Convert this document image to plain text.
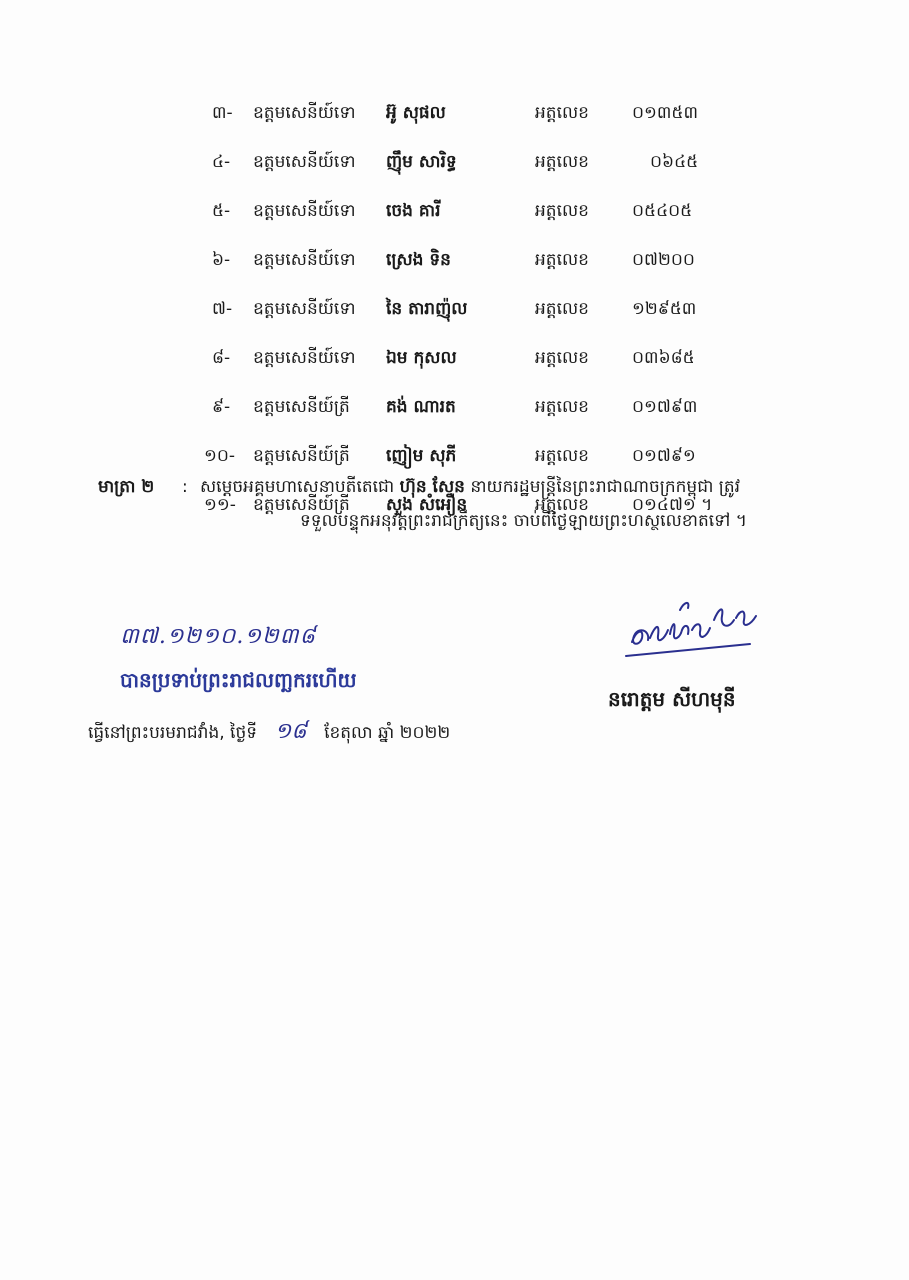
៣- ឧត្តមសេនីយ៍ទោ អ៊ូ សុផល	អត្តលេខ	០១៣៥៣
៤- ឧត្តមសេនីយ៍ទោ ញ៉ឹម សារិទ្ធ	អត្តលេខ	០៦៤៥
៥- ឧត្តមសេនីយ៍ទោ ចេង គារី	អត្តលេខ	០៥៤០៥
៦- ឧត្តមសេនីយ៍ទោ ស្រេង ទិន	អត្តលេខ	០៧២០០
៧- ឧត្តមសេនីយ៍ទោ នៃ តារាញ៉ុល	អត្តលេខ	១២៩៥៣
៨- ឧត្តមសេនីយ៍ទោ ឯម កុសល	អត្តលេខ	០៣៦៨៥
៩- ឧត្តមសេនីយ៍ត្រី គង់ ណារត	អត្តលេខ	០១៧៩៣
១០- ឧត្តមសេនីយ៍ត្រី ញៀម សុភី	អត្តលេខ	០១៧៩១
១១- ឧត្តមសេនីយ៍ត្រី សួង សំអឿន	អត្តលេខ	០១៤៧១ ។
មាត្រា ២ : សម្តេចអគ្គមហាសេនាបតីតេជោ ហ៊ុន សែន នាយករដ្ឋមន្ត្រីនៃព្រះរាជាណាចក្រកម្ពុជា ត្រូវ
ទទួលបន្ទុកអនុវត្តព្រះរាជក្រឹត្យនេះ ចាប់ពីថ្ងៃឡាយព្រះហស្ថលេខាតទៅ ។
៣៧.១២១០.១២៣៨
បានប្រទាប់ព្រះរាជលញ្ឆករហើយ
ធ្វើនៅព្រះបរមរាជវាំង, ថ្ងៃទី ១៨ ខែតុលា ឆ្នាំ ២០២២
នរោត្តម សីហមុនី
